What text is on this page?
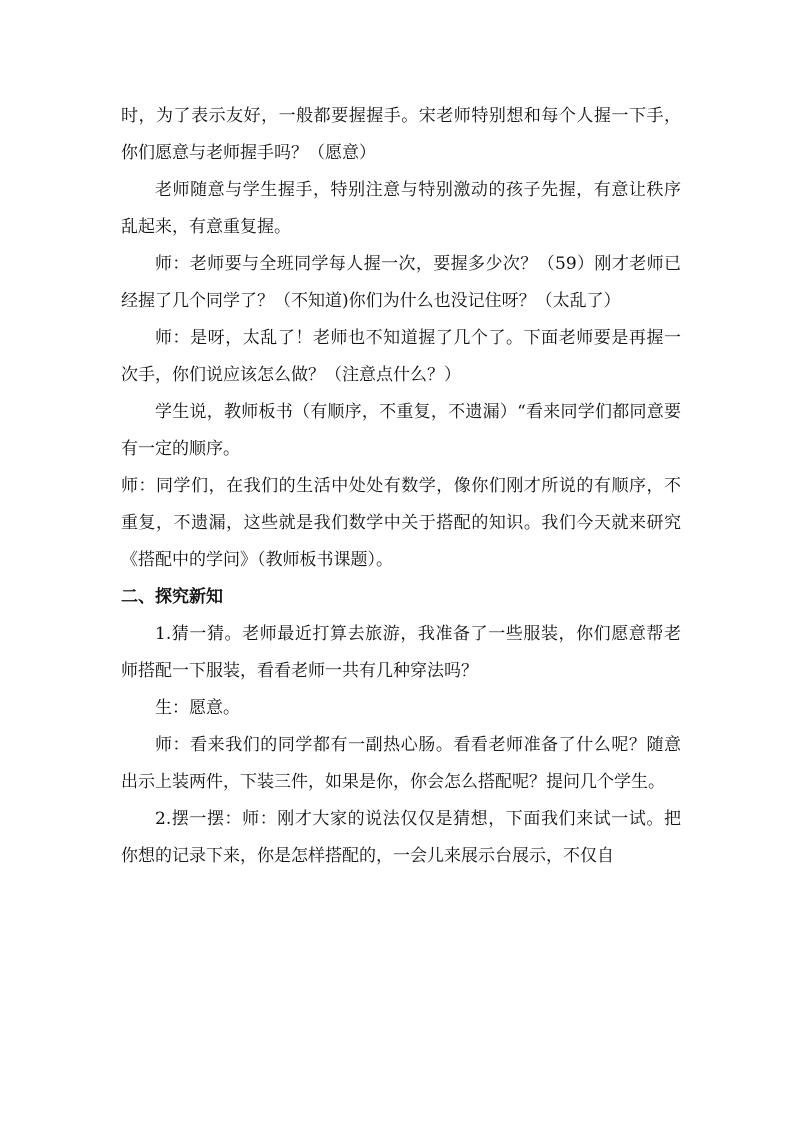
时，为了表示友好，一般都要握握手。宋老师特别想和每个人握一下手，你们愿意与老师握手吗？（愿意）

老师随意与学生握手，特别注意与特别激动的孩子先握，有意让秩序乱起来，有意重复握。

师：老师要与全班同学每人握一次，要握多少次？（59）刚才老师已经握了几个同学了？（不知道)你们为什么也没记住呀？（太乱了）

师：是呀，太乱了！老师也不知道握了几个了。下面老师要是再握一次手，你们说应该怎么做？（注意点什么？）

学生说，教师板书（有顺序，不重复，不遗漏）“看来同学们都同意要有一定的顺序。

师：同学们，在我们的生活中处处有数学，像你们刚才所说的有顺序，不重复，不遗漏，这些就是我们数学中关于搭配的知识。我们今天就来研究《搭配中的学问》（教师板书课题）。

二、探究新知

1.猜一猜。老师最近打算去旅游，我准备了一些服装，你们愿意帮老师搭配一下服装，看看老师一共有几种穿法吗？

生：愿意。

师：看来我们的同学都有一副热心肠。看看老师准备了什么呢？随意出示上装两件，下装三件，如果是你，你会怎么搭配呢？提问几个学生。

2.摆一摆：师：刚才大家的说法仅仅是猜想，下面我们来试一试。把你想的记录下来，你是怎样搭配的，一会儿来展示台展示，不仅自
